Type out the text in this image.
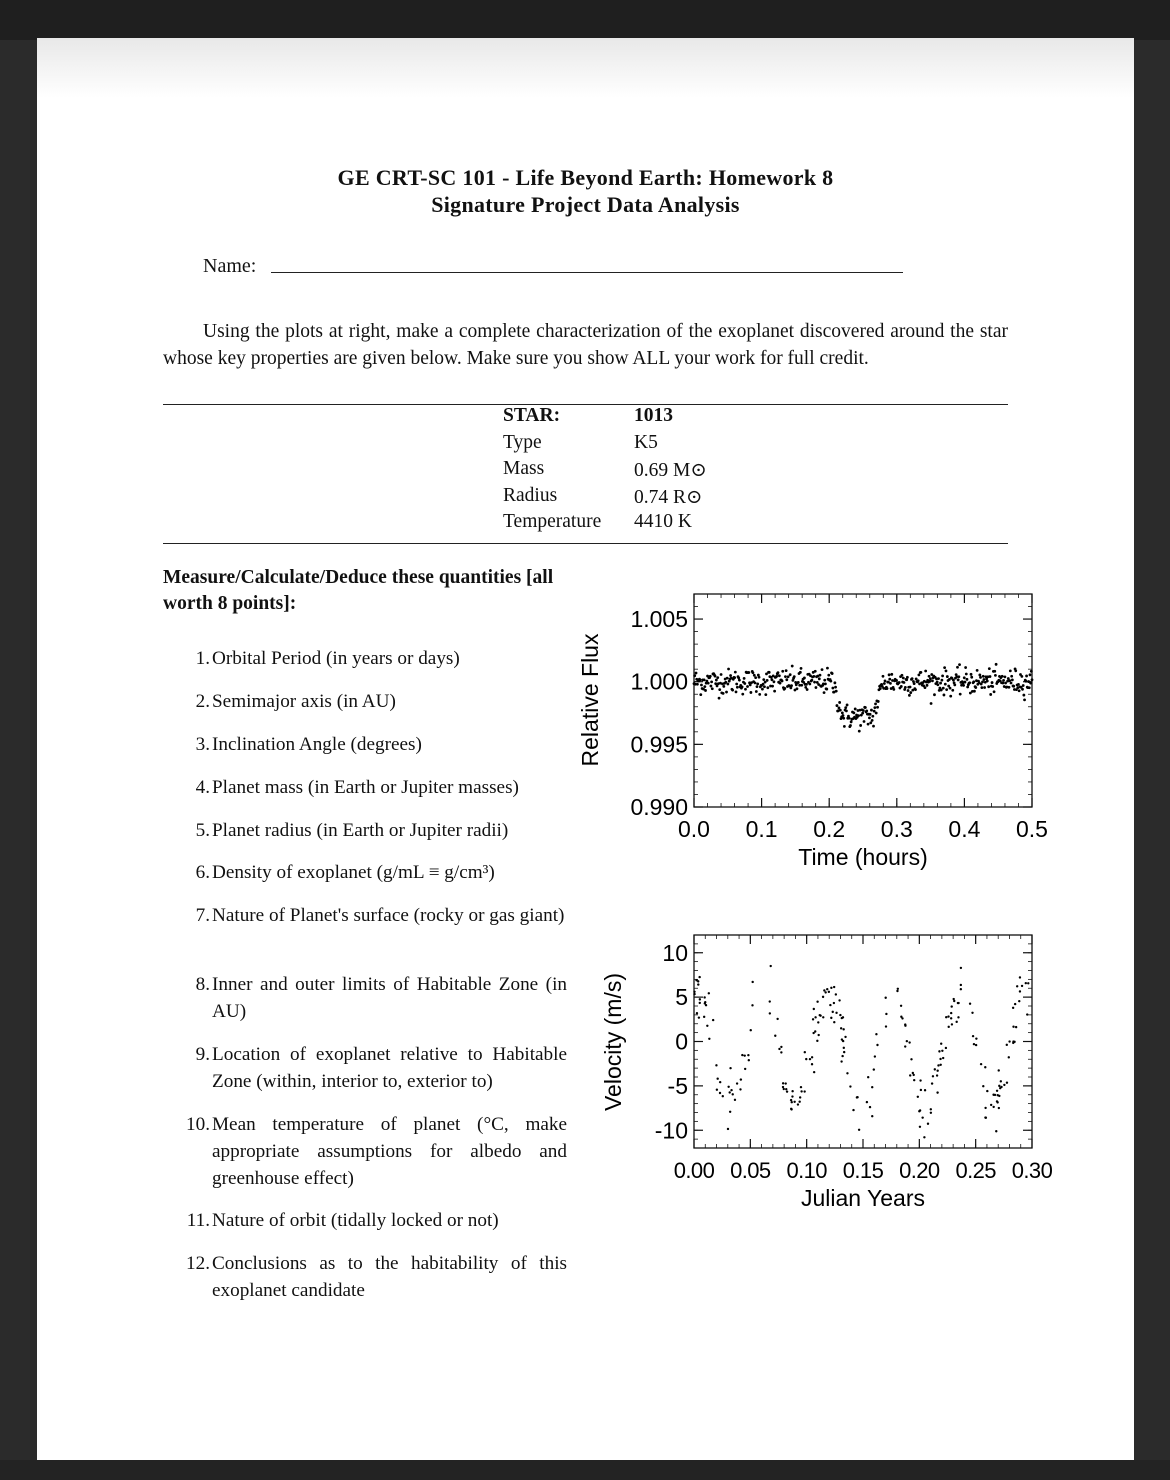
GE CRT-SC 101 - Life Beyond Earth: Homework 8
Signature Project Data Analysis
Name:
Using the plots at right, make a complete characterization of the exoplanet discovered around the star whose key properties are given below. Make sure you show ALL your work for full credit.
STAR:	1013
Type	K5
Mass	0.69 M⊙
Radius	0.74 R⊙
Temperature 4410 K
Measure/Calculate/Deduce these quantities [all worth 8 points]:
1. Orbital Period (in years or days)
2. Semimajor axis (in AU)
3. Inclination Angle (degrees)
4. Planet mass (in Earth or Jupiter masses)
5. Planet radius (in Earth or Jupiter radii)
6. Density of exoplanet (g/mL ≡ g/cm³)
7. Nature of Planet's surface (rocky or gas giant)
8. Inner and outer limits of Habitable Zone (in AU)
9. Location of exoplanet relative to Habitable Zone (within, interior to, exterior to)
10. Mean temperature of planet (°C, make appropriate assumptions for albedo and greenhouse effect)
11. Nature of orbit (tidally locked or not)
12. Conclusions as to the habitability of this exoplanet candidate
0.990
0.995
1.000
1.005
0.0 0.1 0.2 0.3 0.4 0.5
Relative Flux
Time (hours)
-10
-5
0
5
10
0.00 0.05 0.10 0.15 0.20 0.25 0.30
Velocity (m/s)
Julian Years
